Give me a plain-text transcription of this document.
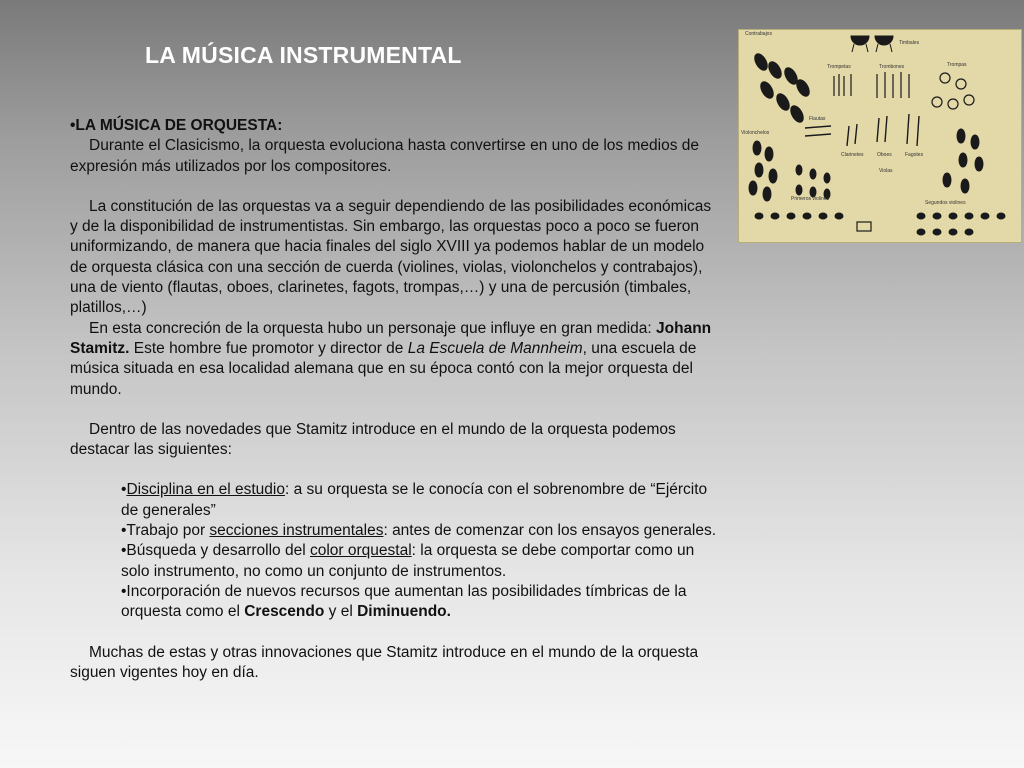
LA MÚSICA INSTRUMENTAL

•LA MÚSICA DE ORQUESTA:

Durante el Clasicismo, la orquesta evoluciona hasta convertirse en uno de los medios de expresión más utilizados por los compositores.

La constitución de las orquestas va a seguir dependiendo de las posibilidades económicas y de la disponibilidad de instrumentistas. Sin embargo, las orquestas poco a poco se fueron uniformizando, de manera que hacia finales del siglo XVIII ya podemos hablar de un modelo de orquesta clásica con una sección de cuerda (violines, violas, violonchelos y contrabajos), una de viento (flautas, oboes, clarinetes, fagots, trompas,…) y una de percusión (timbales,

platillos,…)

En esta concreción de la orquesta hubo un personaje que influye en gran medida: Johann Stamitz. Este hombre fue promotor y director de La Escuela de Mannheim, una escuela de música situada en esa localidad alemana que en su época contó con la mejor orquesta del mundo.

Dentro de las novedades que Stamitz introduce en el mundo de la orquesta podemos destacar las siguientes:

•Disciplina en el estudio: a su orquesta se le conocía con el sobrenombre de “Ejército de generales”

•Trabajo por secciones instrumentales: antes de comenzar con los ensayos generales.

•Búsqueda y desarrollo del color orquestal: la orquesta se debe comportar como un solo instrumento, no como un conjunto de instrumentos.

•Incorporación de nuevos recursos que aumentan las posibilidades tímbricas de la orquesta como el Crescendo y el Diminuendo.

Muchas de estas y otras innovaciones que Stamitz introduce en el mundo de la orquesta siguen vigentes hoy en día.

Contrabajos
Timbales
Trompetas	Trombones	Trompas
Flautas
Violonchelos
Clarinetes	Oboes	Fagotes
Violas
Primeros violines
Segundos violines
